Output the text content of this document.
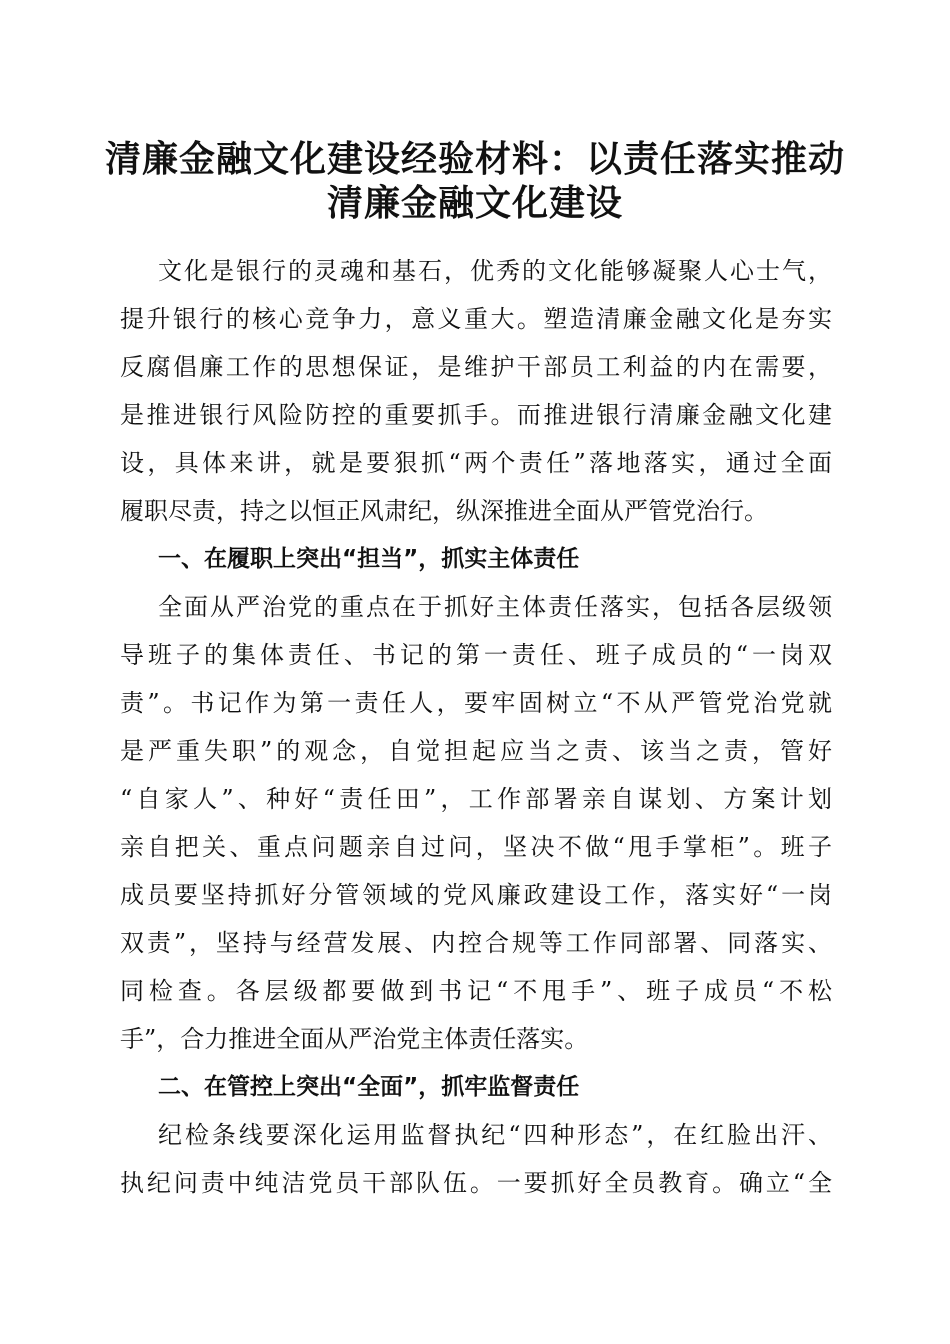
清廉金融文化建设经验材料：以责任落实推动
清廉金融文化建设
文化是银行的灵魂和基石，优秀的文化能够凝聚人心士气，
提升银行的核心竞争力，意义重大。塑造清廉金融文化是夯实
反腐倡廉工作的思想保证，是维护干部员工利益的内在需要，
是推进银行风险防控的重要抓手。而推进银行清廉金融文化建
设，具体来讲，就是要狠抓“两个责任”落地落实，通过全面
履职尽责，持之以恒正风肃纪，纵深推进全面从严管党治行。
一、在履职上突出“担当”，抓实主体责任
全面从严治党的重点在于抓好主体责任落实，包括各层级领
导班子的集体责任、书记的第一责任、班子成员的“一岗双
责”。书记作为第一责任人，要牢固树立“不从严管党治党就
是严重失职”的观念，自觉担起应当之责、该当之责，管好
“自家人”、种好“责任田”，工作部署亲自谋划、方案计划
亲自把关、重点问题亲自过问，坚决不做“甩手掌柜”。班子
成员要坚持抓好分管领域的党风廉政建设工作，落实好“一岗
双责”，坚持与经营发展、内控合规等工作同部署、同落实、
同检查。各层级都要做到书记“不甩手”、班子成员“不松
手”，合力推进全面从严治党主体责任落实。
二、在管控上突出“全面”，抓牢监督责任
纪检条线要深化运用监督执纪“四种形态”，在红脸出汗、
执纪问责中纯洁党员干部队伍。一要抓好全员教育。确立“全
